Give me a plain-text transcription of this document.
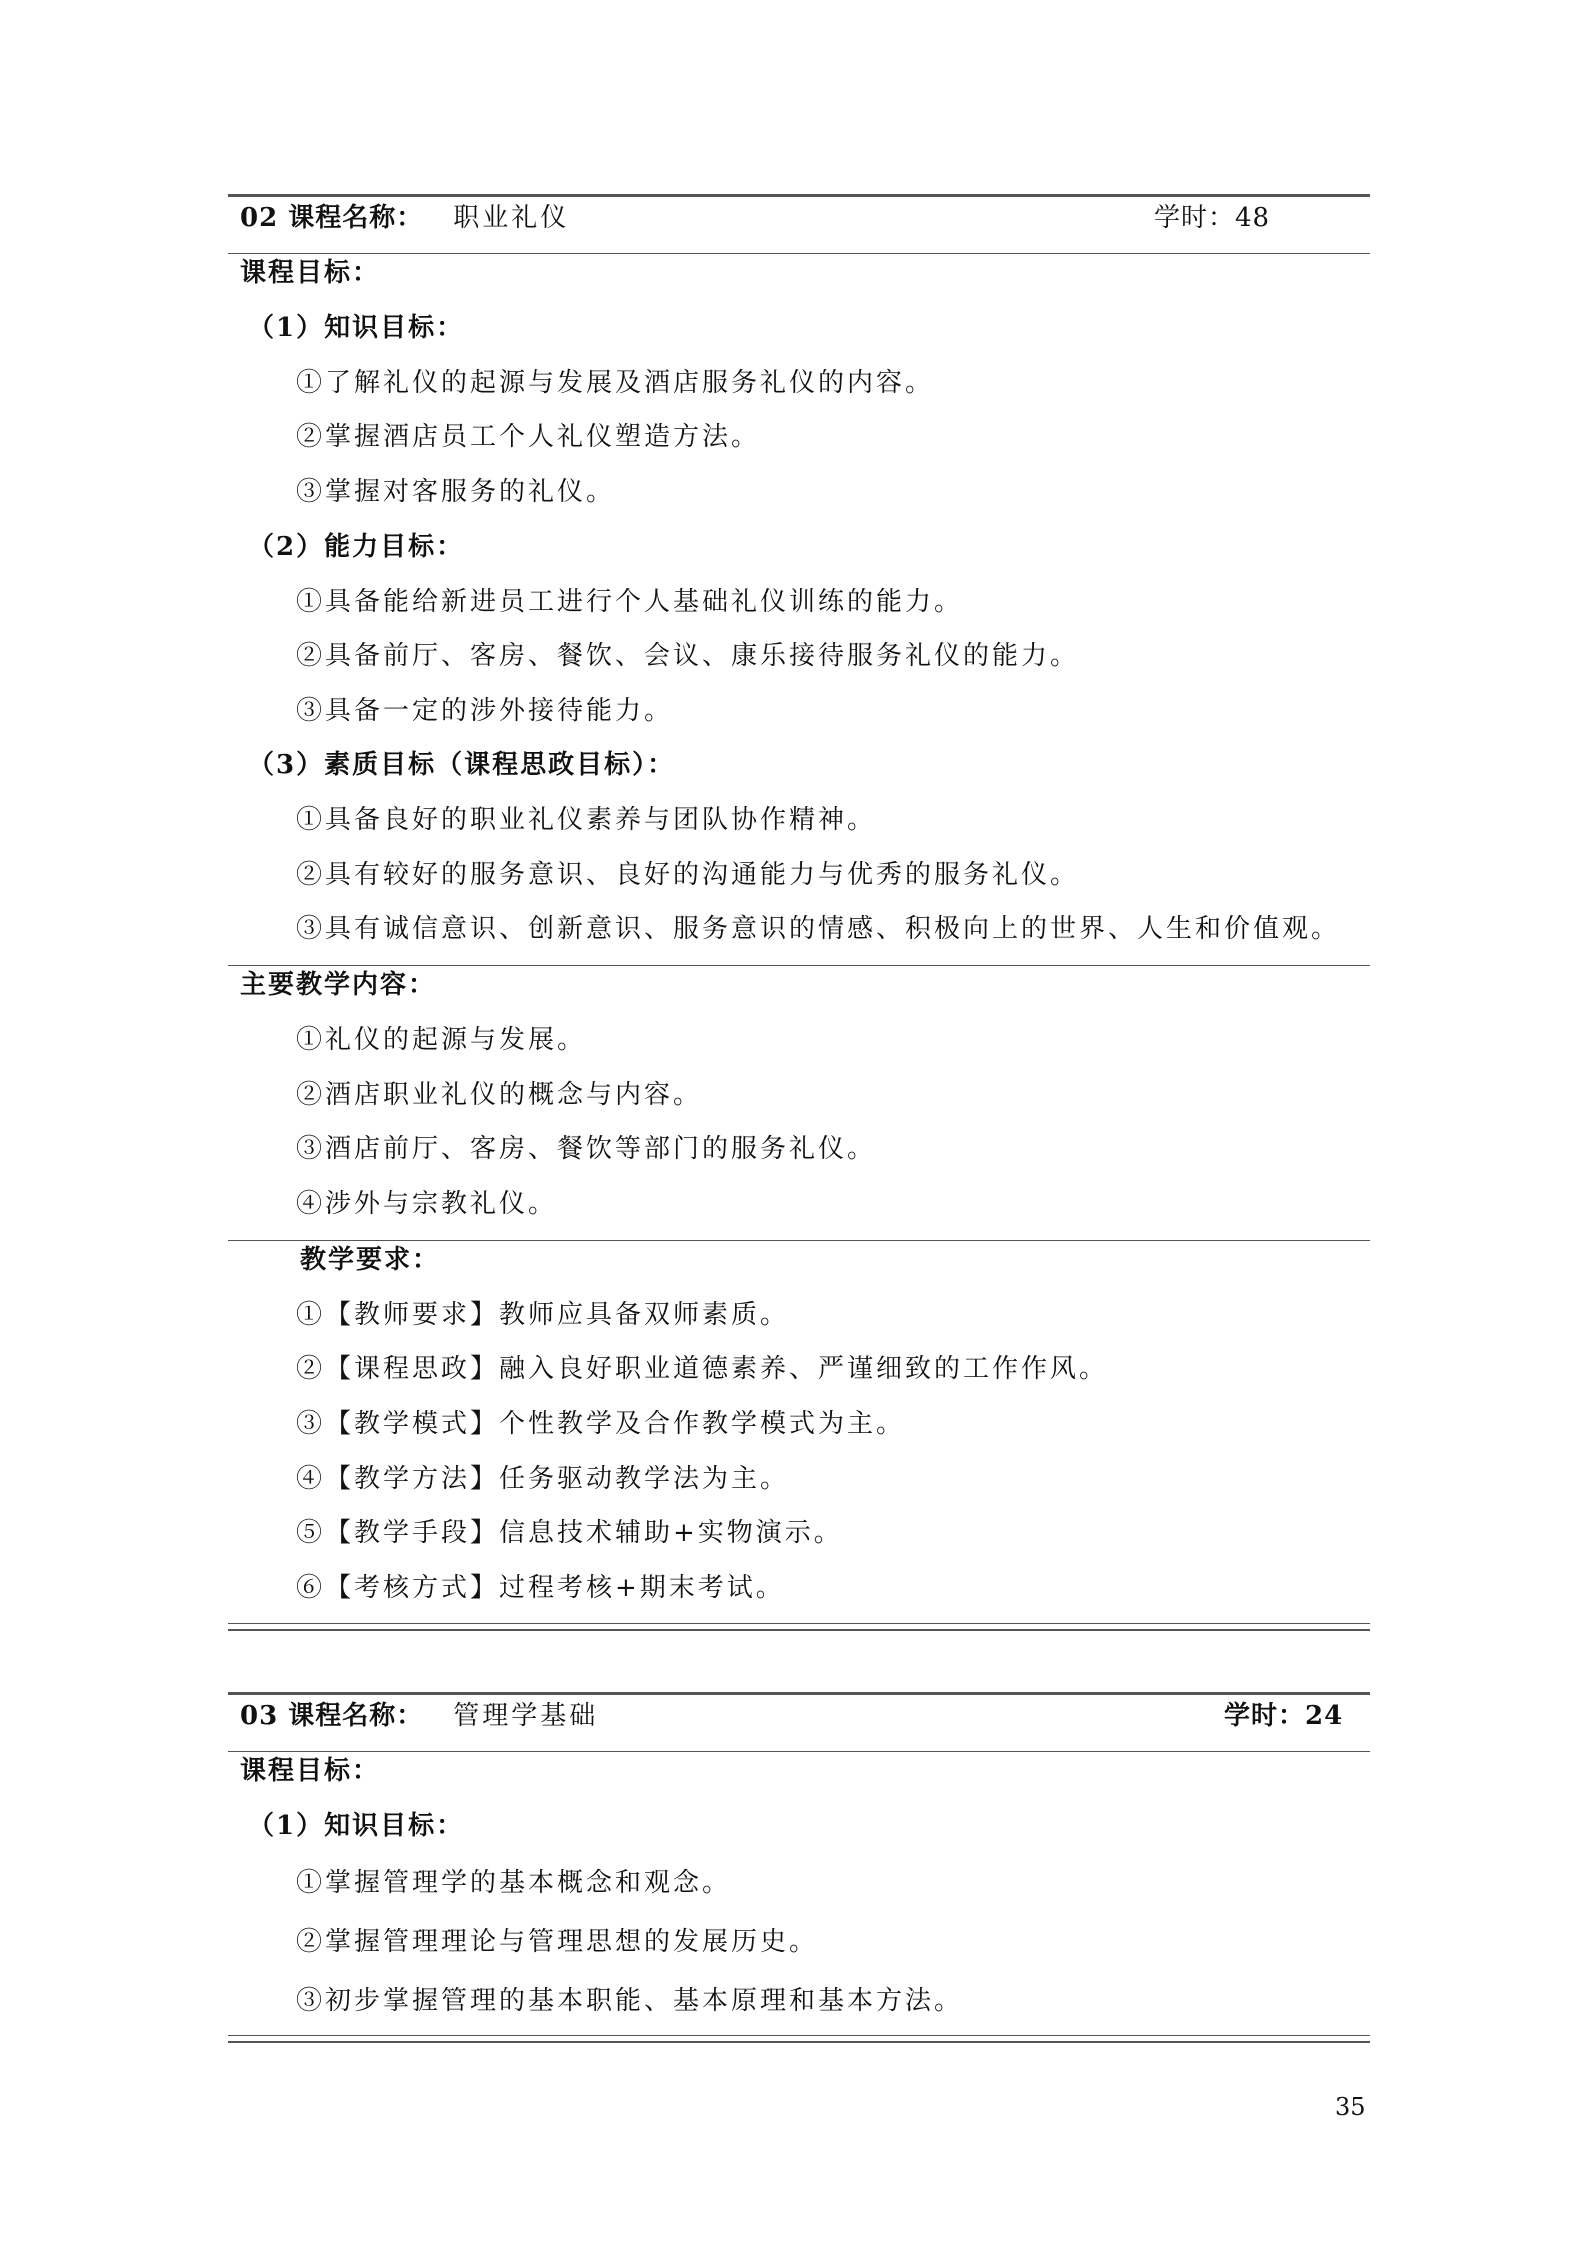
02 课程名称： 职业礼仪	学时：48
课程目标：
（1）知识目标：
①了解礼仪的起源与发展及酒店服务礼仪的内容。
②掌握酒店员工个人礼仪塑造方法。
③掌握对客服务的礼仪。
（2）能力目标：
①具备能给新进员工进行个人基础礼仪训练的能力。
②具备前厅、客房、餐饮、会议、康乐接待服务礼仪的能力。
③具备一定的涉外接待能力。
（3）素质目标（课程思政目标）：
①具备良好的职业礼仪素养与团队协作精神。
②具有较好的服务意识、良好的沟通能力与优秀的服务礼仪。
③具有诚信意识、创新意识、服务意识的情感、积极向上的世界、人生和价值观。
主要教学内容：
①礼仪的起源与发展。
②酒店职业礼仪的概念与内容。
③酒店前厅、客房、餐饮等部门的服务礼仪。
④涉外与宗教礼仪。
教学要求：
①【教师要求】教师应具备双师素质。
②【课程思政】融入良好职业道德素养、严谨细致的工作作风。
③【教学模式】个性教学及合作教学模式为主。
④【教学方法】任务驱动教学法为主。
⑤【教学手段】信息技术辅助+实物演示。
⑥【考核方式】过程考核+期末考试。
03 课程名称： 管理学基础	学时：24
课程目标：
（1）知识目标：
①掌握管理学的基本概念和观念。
②掌握管理理论与管理思想的发展历史。
③初步掌握管理的基本职能、基本原理和基本方法。
35
